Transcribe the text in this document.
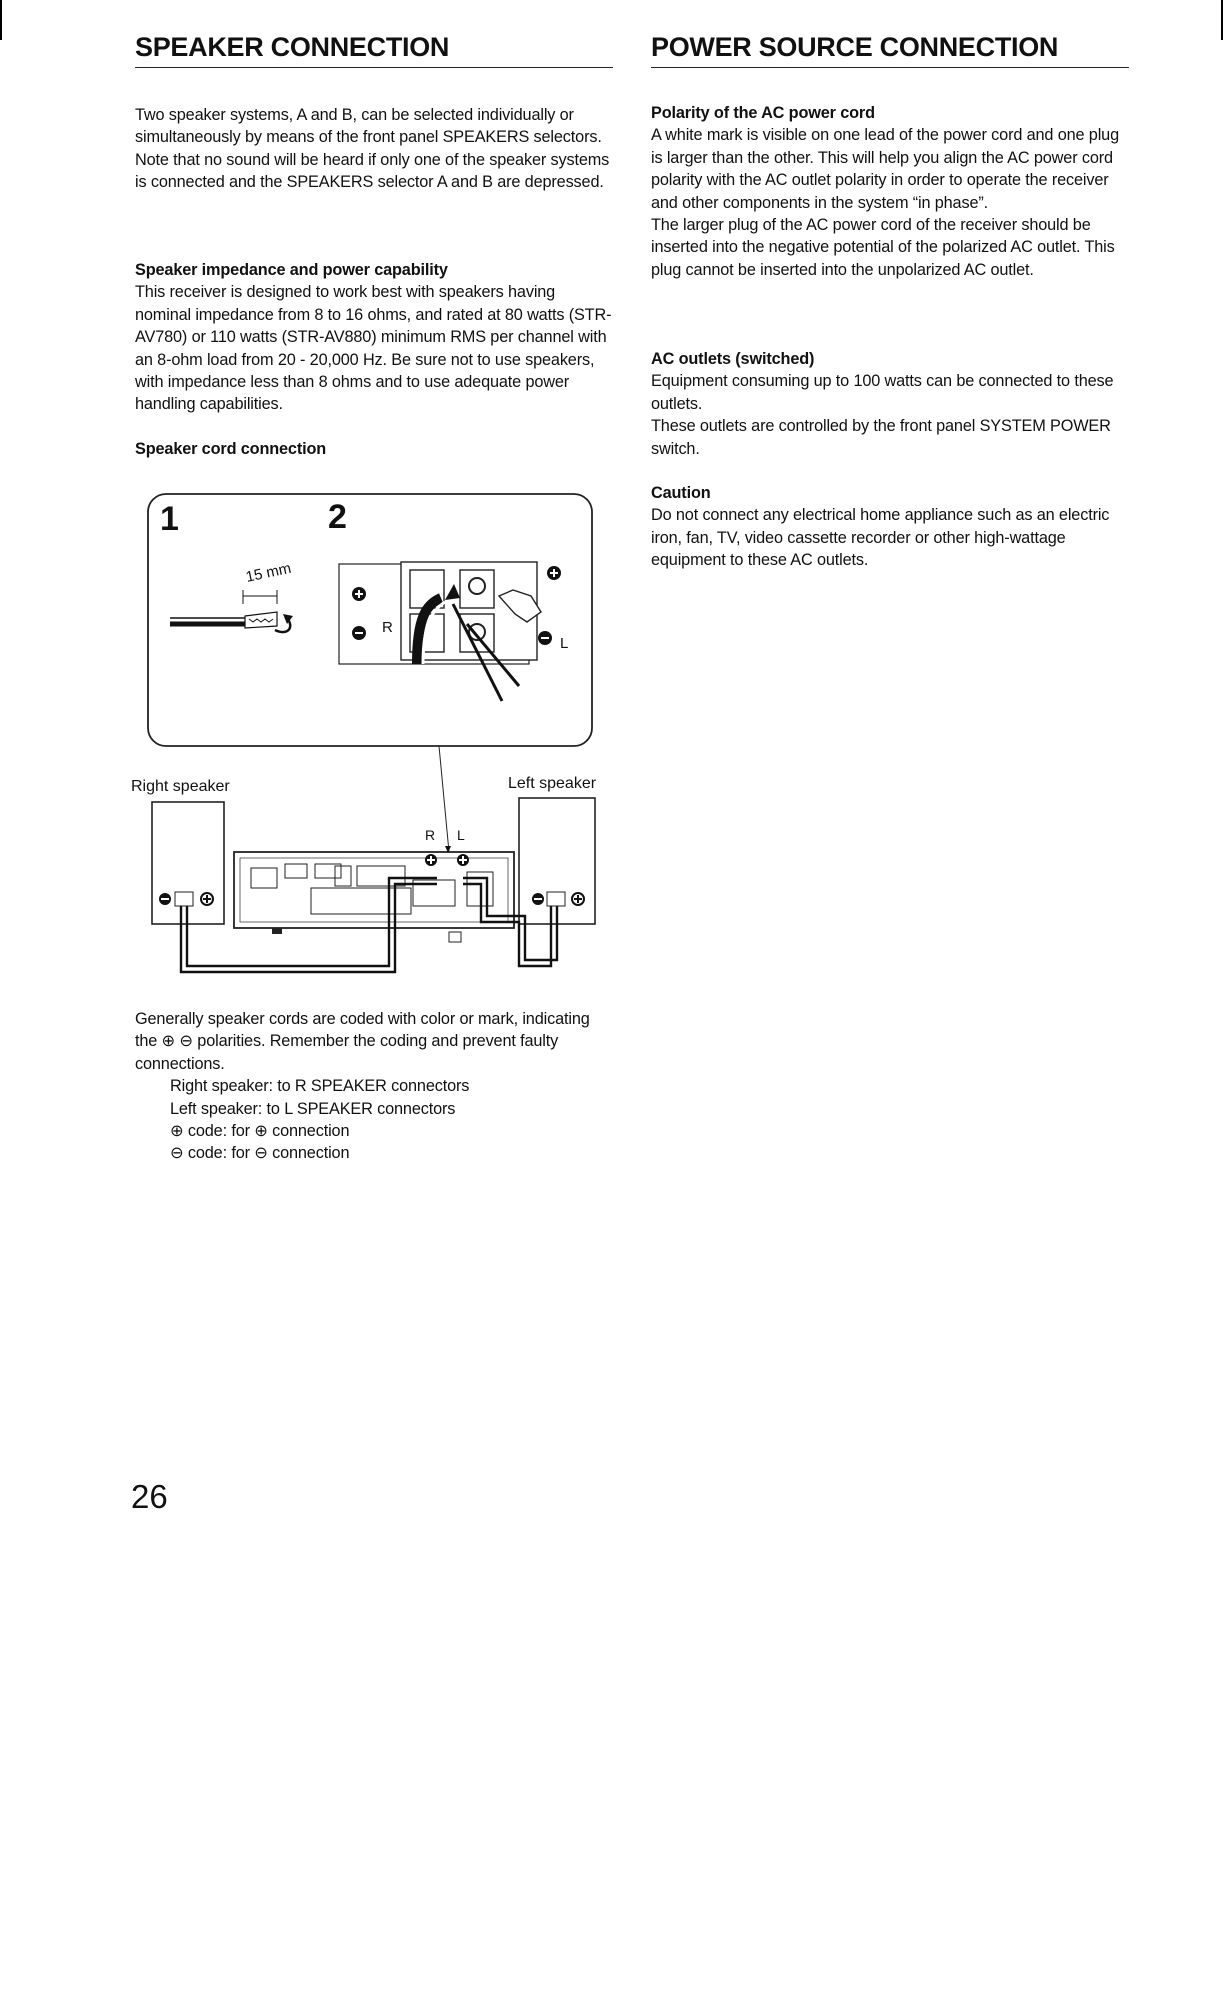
SPEAKER CONNECTION

Two speaker systems, A and B, can be selected individually or simultaneously by means of the front panel SPEAKERS selectors.

Note that no sound will be heard if only one of the speaker systems is connected and the SPEAKERS selector A and B are depressed.

Speaker impedance and power capability

This receiver is designed to work best with speakers having nominal impedance from 8 to 16 ohms, and rated at 80 watts (STR-AV780) or 110 watts (STR-AV880) minimum RMS per channel with an 8-ohm load from 20 - 20,000 Hz. Be sure not to use speakers, with impedance less than 8 ohms and to use adequate power handling capabilities.

Speaker cord connection

Generally speaker cords are coded with color or mark, indicating the ⊕ ⊖ polarities. Remember the coding and prevent faulty connections.

Right speaker: to R SPEAKER connectors

Left speaker: to L SPEAKER connectors

⊕ code: for ⊕ connection

⊖ code: for ⊖ connection

1	2
15 mm
R
L
Right speaker	Left speaker
R L
26
POWER SOURCE CONNECTION

Polarity of the AC power cord

A white mark is visible on one lead of the power cord and one plug is larger than the other. This will help you align the AC power cord polarity with the AC outlet polarity in order to operate the receiver and other components in the system “in phase”.

The larger plug of the AC power cord of the receiver should be inserted into the negative potential of the polarized AC outlet. This plug cannot be inserted into the unpolarized AC outlet.

AC outlets (switched)

Equipment consuming up to 100 watts can be connected to these outlets.

These outlets are controlled by the front panel SYSTEM POWER switch.

Caution

Do not connect any electrical home appliance such as an electric iron, fan, TV, video cassette recorder or other high-wattage equipment to these AC outlets.
